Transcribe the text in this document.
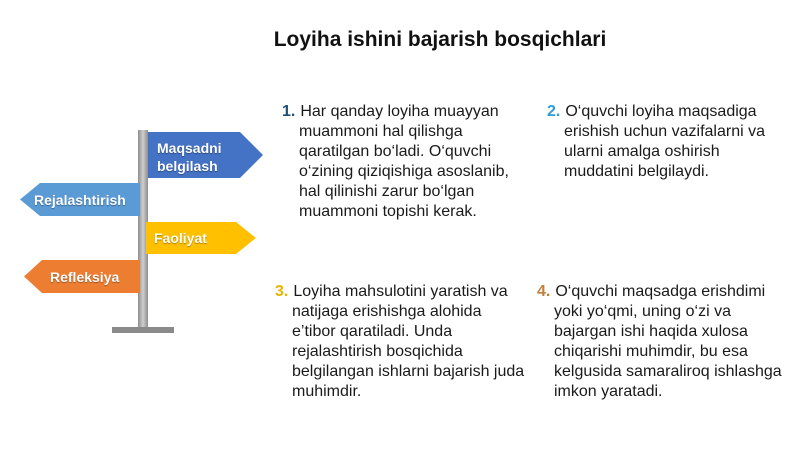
Loyiha ishini bajarish bosqichlari
Maqsadni
belgilash
Rejalashtirish
Faoliyat
Refleksiya
1. Har qanday loyiha muayyan muammoni hal qilishga qaratilgan bo‘ladi. O‘quvchi o‘zining qiziqishiga asoslanib, hal qilinishi zarur bo‘lgan muammoni topishi kerak.
2. O‘quvchi loyiha maqsadiga erishish uchun vazifalarni va ularni amalga oshirish muddatini belgilaydi.
3. Loyiha mahsulotini yaratish va natijaga erishishga alohida e’tibor qaratiladi. Unda rejalashtirish bosqichida belgilangan ishlarni bajarish juda muhimdir.
4. O‘quvchi maqsadga erishdimi yoki yo‘qmi, uning o‘zi va bajargan ishi haqida xulosa chiqarishi muhimdir, bu esa kelgusida samaraliroq ishlashga imkon yaratadi.
